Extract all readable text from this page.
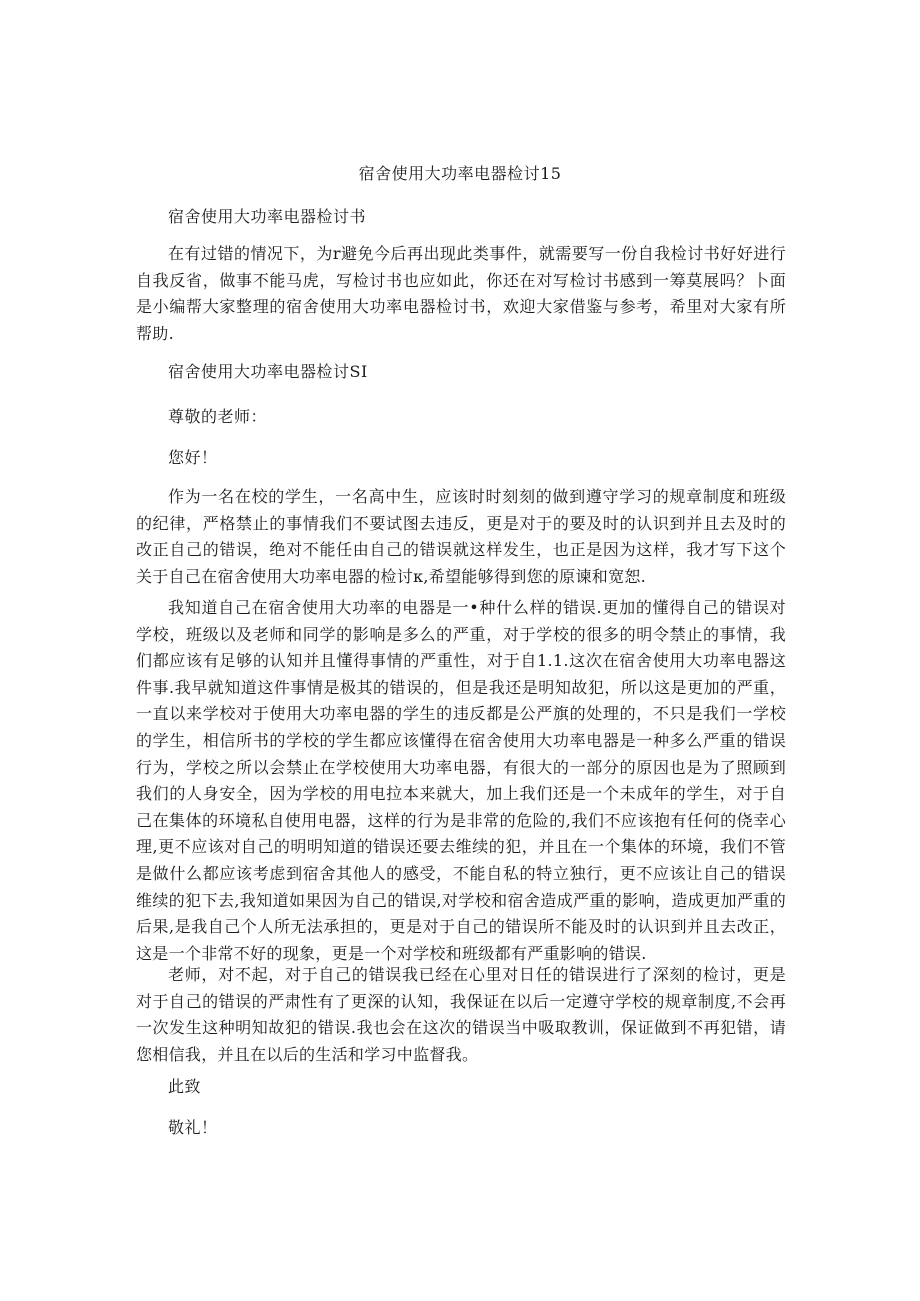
宿舍使用大功率电器检讨15
宿舍使用大功率电器检讨书
在有过错的情况下，为r避免今后再出现此类事件，就需要写一份自我检讨书好好进行自我反省，做事不能马虎，写检讨书也应如此，你还在对写检讨书感到一筹莫展吗？卜面是小编帮大家整理的宿舍使用大功率电器检讨书，欢迎大家借鉴与参考，希里对大家有所帮助.
宿舍使用大功率电器检讨SI
尊敬的老师：
您好！
作为一名在校的学生，一名高中生，应该时时刻刻的做到遵守学习的规章制度和班级的纪律，严格禁止的事情我们不要试图去违反，更是对于的要及时的认识到并且去及时的改正自己的错误，绝对不能任由自己的错误就这样发生，也正是因为这样，我才写下这个关于自己在宿舍使用大功率电器的检讨κ,希望能够得到您的原谏和宽恕.
我知道自己在宿舍使用大功率的电器是一•种什么样的错误.更加的懂得自己的错误对学校，班级以及老师和同学的影响是多么的严重，对于学校的很多的明令禁止的事情，我们都应该有足够的认知并且懂得事情的严重性，对于自1.1.这次在宿舍使用大功率电器这件事.我早就知道这件事情是极其的错误的，但是我还是明知故犯，所以这是更加的严重，一直以来学校对于使用大功率电器的学生的违反都是公严旗的处理的，不只是我们一学校的学生，相信所书的学校的学生都应该懂得在宿舍使用大功率电器是一种多么严重的错误行为，学校之所以会禁止在学校使用大功率电器，有很大的一部分的原因也是为了照顾到我们的人身安全，因为学校的用电拉本来就大，加上我们还是一个未成年的学生，对于自己在集体的环境私自使用电器，这样的行为是非常的危险的,我们不应该抱有任何的侥幸心理,更不应该对自己的明明知道的错误还要去维续的犯，并且在一个集体的环境，我们不管是做什么都应该考虑到宿舍其他人的感受，不能自私的特立独行，更不应该让自己的错误维续的犯下去,我知道如果因为自己的错误,对学校和宿舍造成严重的影响，造成更加严重的后果,是我自己个人所无法承担的，更是对于自己的错误所不能及时的认识到并且去改正，这是一个非常不好的现象，更是一个对学校和班级都有严重影响的错误.
老师，对不起，对于自己的错误我已经在心里对日任的错误进行了深刻的检讨，更是对于自己的错误的严肃性有了更深的认知，我保证在以后一定遵守学校的规章制度,不会再一次发生这种明知故犯的错误.我也会在这次的错误当中吸取教训，保证做到不再犯错，请您相信我，并且在以后的生活和学习中监督我。
此致
敬礼！
